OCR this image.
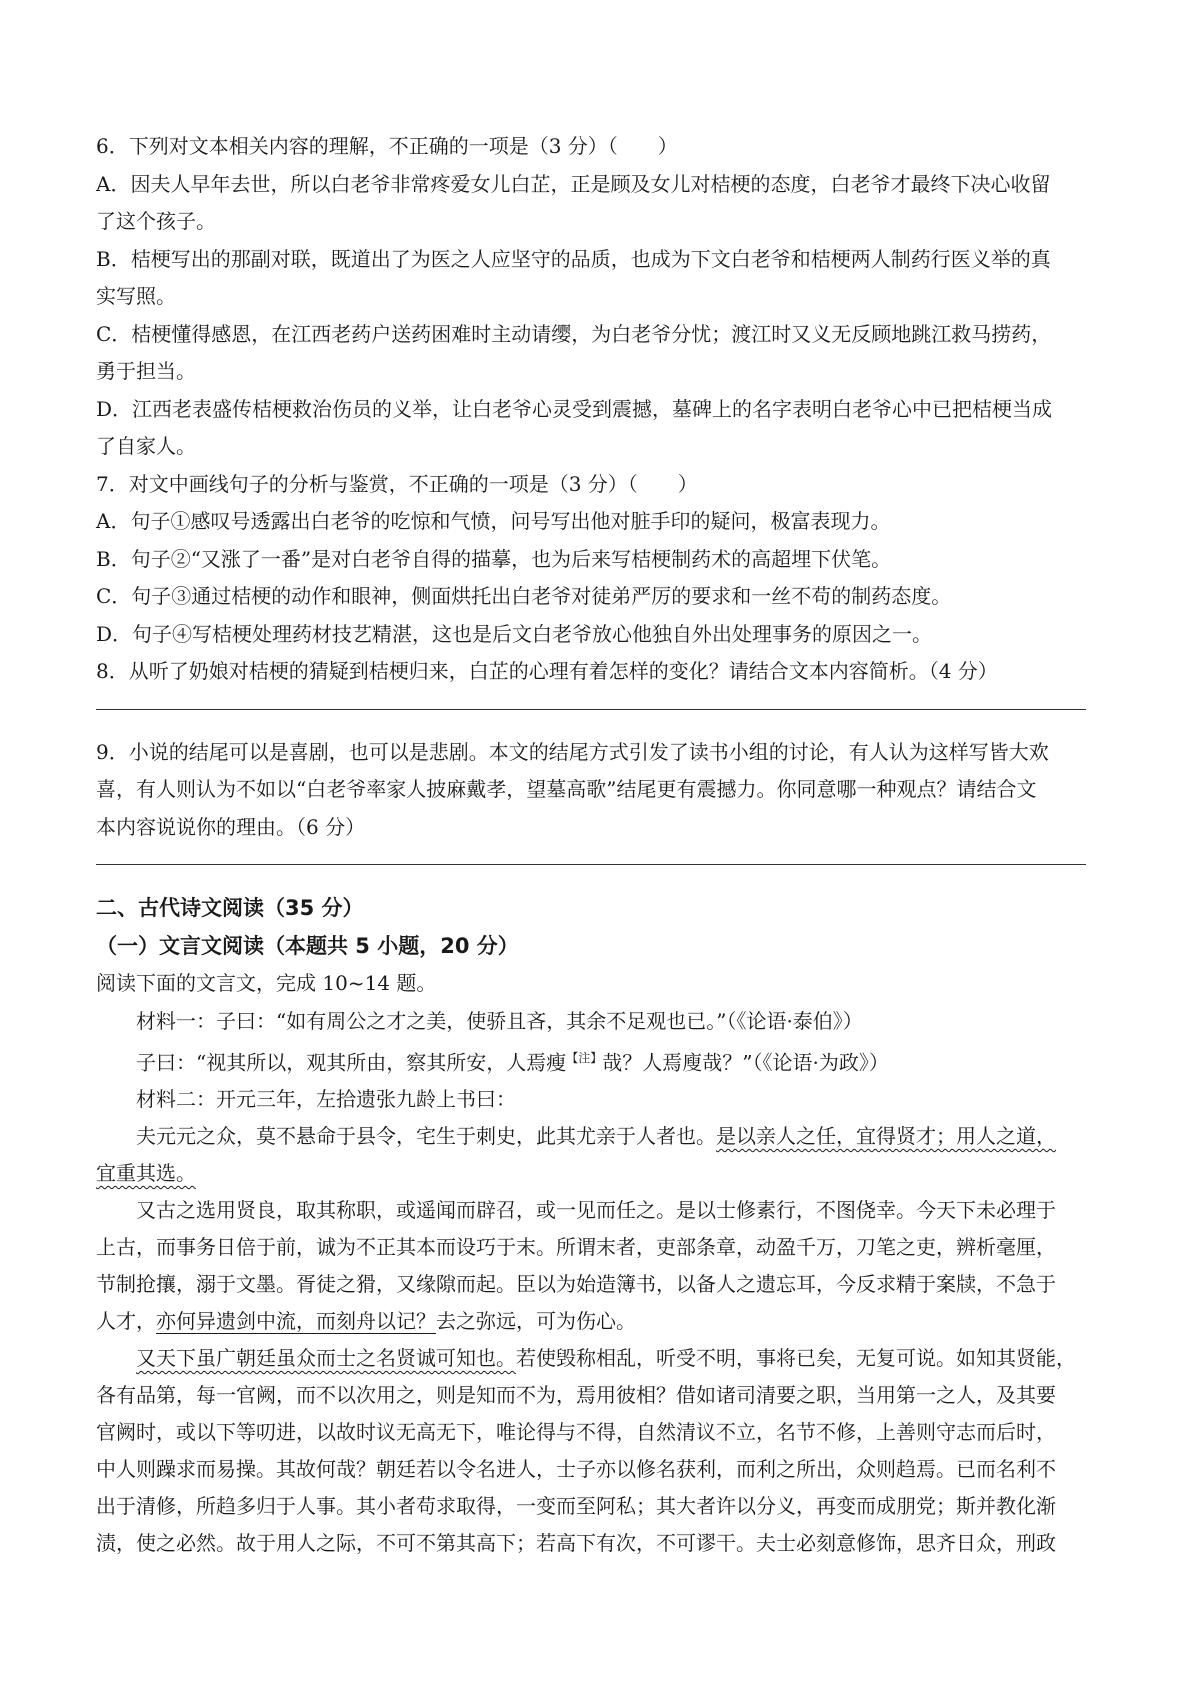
6．下列对文本相关内容的理解，不正确的一项是（3 分）（　　）
A．因夫人早年去世，所以白老爷非常疼爱女儿白芷，正是顾及女儿对桔梗的态度，白老爷才最终下决心收留
了这个孩子。
B．桔梗写出的那副对联，既道出了为医之人应坚守的品质，也成为下文白老爷和桔梗两人制药行医义举的真
实写照。
C．桔梗懂得感恩，在江西老药户送药困难时主动请缨，为白老爷分忧；渡江时又义无反顾地跳江救马捞药，
勇于担当。
D．江西老表盛传桔梗救治伤员的义举，让白老爷心灵受到震撼，墓碑上的名字表明白老爷心中已把桔梗当成
了自家人。
7．对文中画线句子的分析与鉴赏，不正确的一项是（3 分）（　　）
A．句子①感叹号透露出白老爷的吃惊和气愤，问号写出他对脏手印的疑问，极富表现力。
B．句子②“又涨了一番”是对白老爷自得的描摹，也为后来写桔梗制药术的高超埋下伏笔。
C．句子③通过桔梗的动作和眼神，侧面烘托出白老爷对徒弟严厉的要求和一丝不苟的制药态度。
D．句子④写桔梗处理药材技艺精湛，这也是后文白老爷放心他独自外出处理事务的原因之一。
8．从听了奶娘对桔梗的猜疑到桔梗归来，白芷的心理有着怎样的变化？请结合文本内容简析。（4 分）
9．小说的结尾可以是喜剧，也可以是悲剧。本文的结尾方式引发了读书小组的讨论，有人认为这样写皆大欢
喜，有人则认为不如以“白老爷率家人披麻戴孝，望墓高歌”结尾更有震撼力。你同意哪一种观点？请结合文
本内容说说你的理由。（6 分）
二、古代诗文阅读（35 分）
（一）文言文阅读（本题共 5 小题，20 分）
阅读下面的文言文，完成 10~14 题。
材料一：子曰：“如有周公之才之美，使骄且吝，其余不足观也已。”（《论语·泰伯》）
子曰：“视其所以，观其所由，察其所安，人焉瘦$^{【注】}$哉？人焉廋哉？”（《论语·为政》）
材料二：开元三年，左拾遗张九龄上书曰：
夫元元之众，莫不悬命于县令，宅生于刺史，此其尤亲于人者也。是以亲人之任，宜得贤才；用人之道，
宜重其选。
又古之选用贤良，取其称职，或遥闻而辟召，或一见而任之。是以士修素行，不图侥幸。今天下未必理于
上古，而事务日倍于前，诚为不正其本而设巧于末。所谓末者，吏部条章，动盈千万，刀笔之吏，辨析毫厘，
节制抢攘，溺于文墨。胥徒之猾，又缘隙而起。臣以为始造簿书，以备人之遗忘耳，今反求精于案牍，不急于
人才，亦何异遗剑中流，而刻舟以记？去之弥远，可为伤心。
又天下虽广朝廷虽众而士之名贤诚可知也。若使毁称相乱，听受不明，事将已矣，无复可说。如知其贤能，
各有品第，每一官阙，而不以次用之，则是知而不为，焉用彼相？借如诸司清要之职，当用第一之人，及其要
官阙时，或以下等叨进，以故时议无高无下，唯论得与不得，自然清议不立，名节不修，上善则守志而后时，
中人则躁求而易操。其故何哉？朝廷若以令名进人，士子亦以修名获利，而利之所出，众则趋焉。已而名利不
出于清修，所趋多归于人事。其小者苟求取得，一变而至阿私；其大者许以分义，再变而成朋党；斯并教化渐
渍，使之必然。故于用人之际，不可不第其高下；若高下有次，不可谬干。夫士必刻意修饰，思齐日众，刑政
